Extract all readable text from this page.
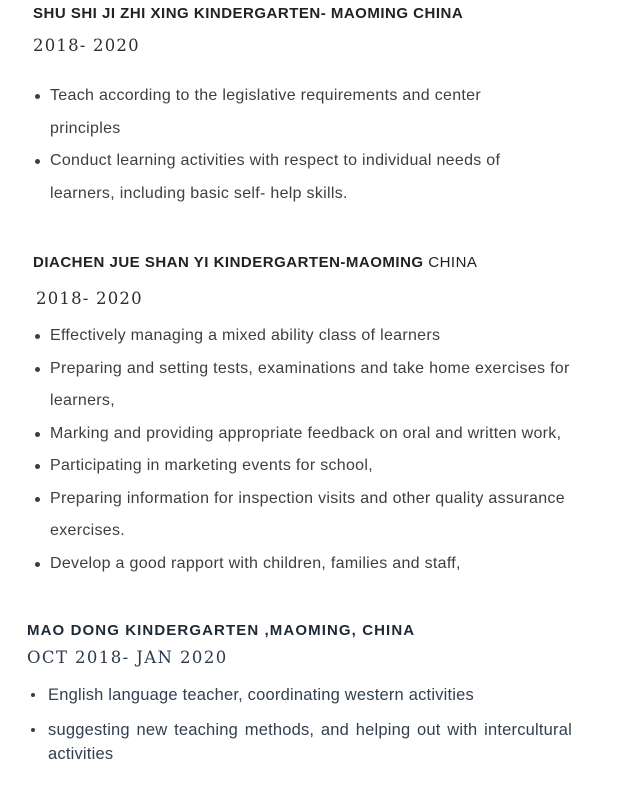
SHU SHI JI ZHI XING KINDERGARTEN- MAOMING CHINA

2018- 2020

Teach according to the legislative requirements and center principles
Conduct learning activities with respect to individual needs of learners, including basic self- help skills.
DIACHEN JUE SHAN YI KINDERGARTEN-MAOMING CHINA

2018- 2020

Effectively managing a mixed ability class of learners
Preparing and setting tests, examinations and take home exercises for learners,
Marking and providing appropriate feedback on oral and written work,
Participating in marketing events for school,
Preparing information for inspection visits and other quality assurance exercises.
Develop a good rapport with children, families and staff,
MAO DONG KINDERGARTEN ,MAOMING, CHINA

OCT 2018- JAN 2020

English language teacher, coordinating western activities
suggesting new teaching methods, and helping out with intercultural activities
